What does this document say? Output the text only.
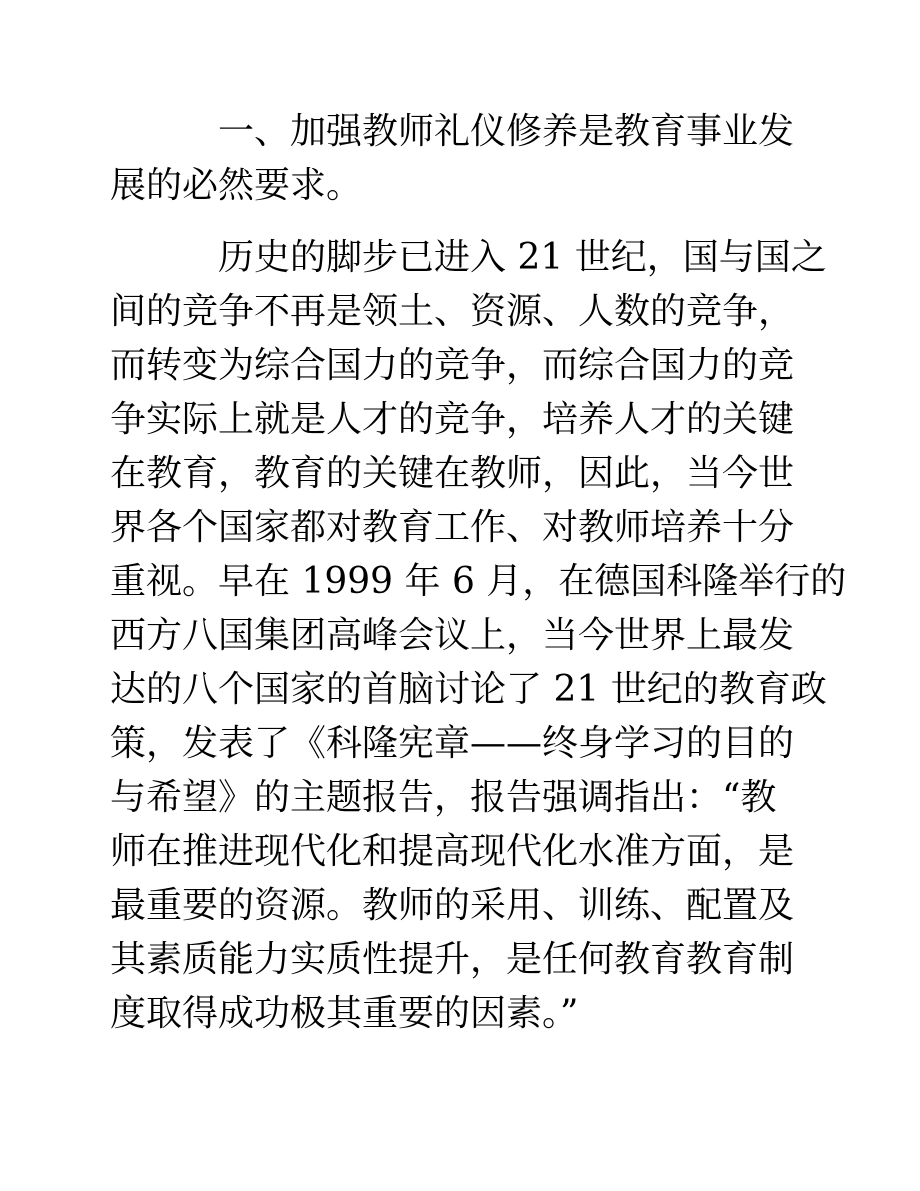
一、加强教师礼仪修养是教育事业发

展的必然要求。

历史的脚步已进入 21 世纪，国与国之

间的竞争不再是领土、资源、人数的竞争，

而转变为综合国力的竞争，而综合国力的竞

争实际上就是人才的竞争，培养人才的关键

在教育，教育的关键在教师，因此，当今世

界各个国家都对教育工作、对教师培养十分

重视。早在 1999 年 6 月，在德国科隆举行的

西方八国集团高峰会议上，当今世界上最发

达的八个国家的首脑讨论了 21 世纪的教育政

策，发表了《科隆宪章——终身学习的目的

与希望》的主题报告，报告强调指出：“教

师在推进现代化和提高现代化水准方面，是

最重要的资源。教师的采用、训练、配置及

其素质能力实质性提升，是任何教育教育制

度取得成功极其重要的因素。”
